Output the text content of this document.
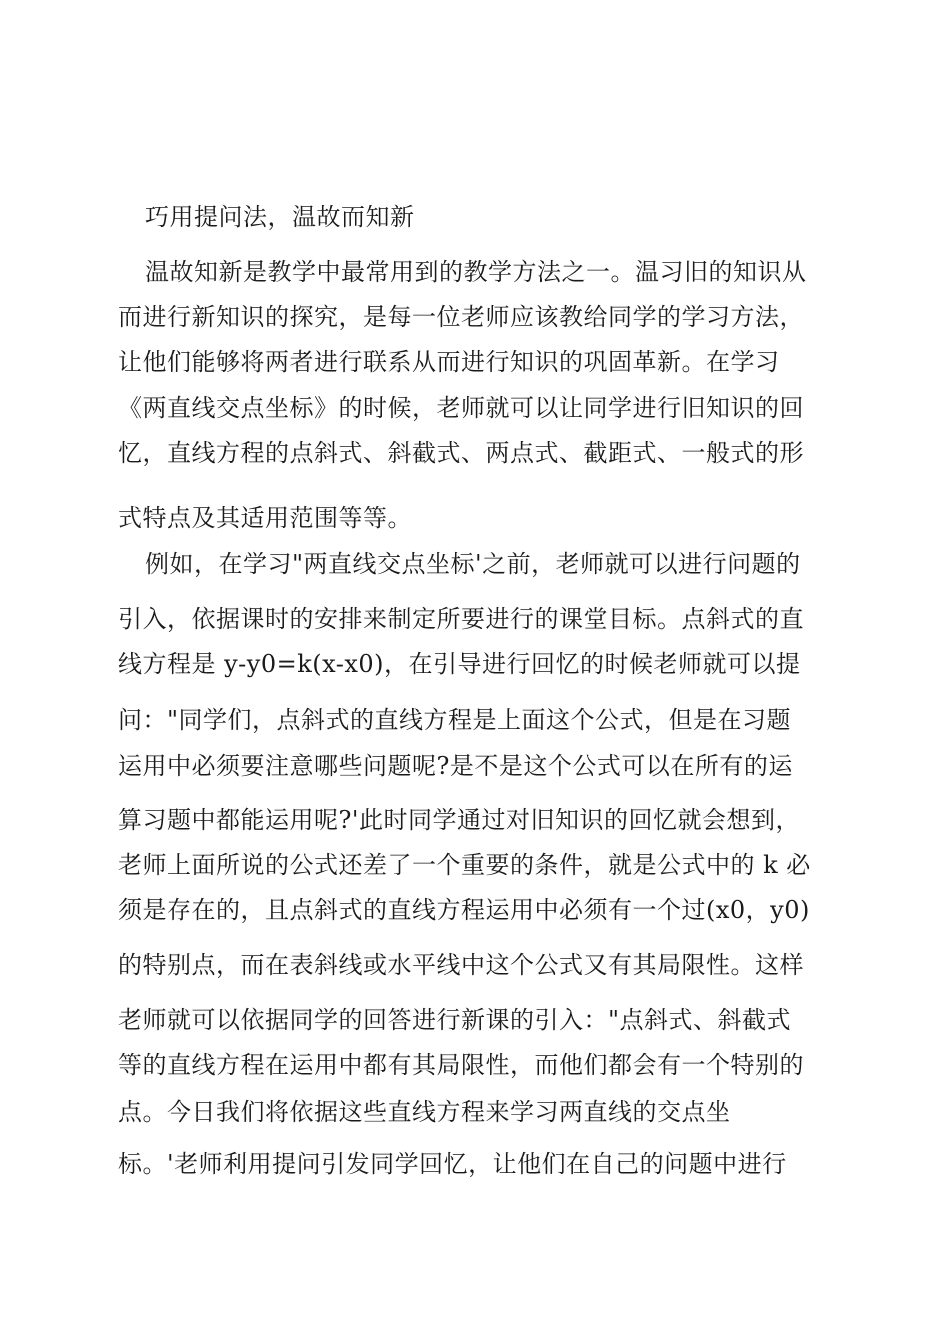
巧用提问法，温故而知新
温故知新是教学中最常用到的教学方法之一。温习旧的知识从
而进行新知识的探究，是每一位老师应该教给同学的学习方法，
让他们能够将两者进行联系从而进行知识的巩固革新。在学习
《两直线交点坐标》的时候，老师就可以让同学进行旧知识的回
忆，直线方程的点斜式、斜截式、两点式、截距式、一般式的形
式特点及其适用范围等等。
例如，在学习"两直线交点坐标'之前，老师就可以进行问题的
引入，依据课时的安排来制定所要进行的课堂目标。点斜式的直
线方程是 y-y0=k(x-x0)，在引导进行回忆的时候老师就可以提
问："同学们，点斜式的直线方程是上面这个公式，但是在习题
运用中必须要注意哪些问题呢?是不是这个公式可以在所有的运
算习题中都能运用呢?'此时同学通过对旧知识的回忆就会想到，
老师上面所说的公式还差了一个重要的条件，就是公式中的 k 必
须是存在的，且点斜式的直线方程运用中必须有一个过(x0，y0)
的特别点，而在表斜线或水平线中这个公式又有其局限性。这样
老师就可以依据同学的回答进行新课的引入："点斜式、斜截式
等的直线方程在运用中都有其局限性，而他们都会有一个特别的
点。今日我们将依据这些直线方程来学习两直线的交点坐
标。'老师利用提问引发同学回忆，让他们在自己的问题中进行
